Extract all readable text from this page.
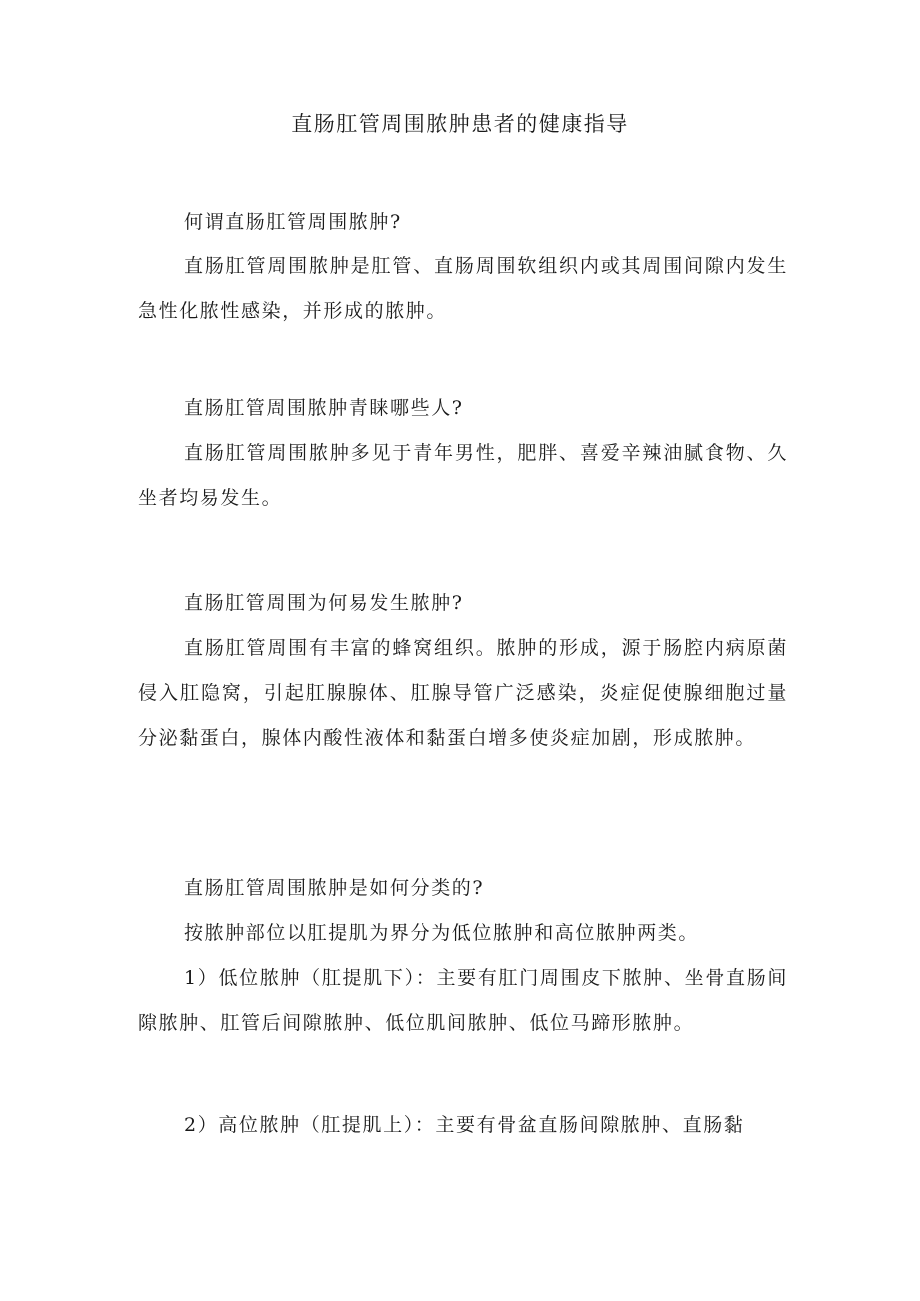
直肠肛管周围脓肿患者的健康指导

何谓直肠肛管周围脓肿?

直肠肛管周围脓肿是肛管、直肠周围软组织内或其周围间隙内发生急性化脓性感染，并形成的脓肿。

直肠肛管周围脓肿青睐哪些人?

直肠肛管周围脓肿多见于青年男性，肥胖、喜爱辛辣油腻食物、久坐者均易发生。

直肠肛管周围为何易发生脓肿?

直肠肛管周围有丰富的蜂窝组织。脓肿的形成，源于肠腔内病原菌侵入肛隐窝，引起肛腺腺体、肛腺导管广泛感染，炎症促使腺细胞过量分泌黏蛋白，腺体内酸性液体和黏蛋白增多使炎症加剧，形成脓肿。

直肠肛管周围脓肿是如何分类的?

按脓肿部位以肛提肌为界分为低位脓肿和高位脓肿两类。

1）低位脓肿（肛提肌下）：主要有肛门周围皮下脓肿、坐骨直肠间隙脓肿、肛管后间隙脓肿、低位肌间脓肿、低位马蹄形脓肿。

2）高位脓肿（肛提肌上）：主要有骨盆直肠间隙脓肿、直肠黏
